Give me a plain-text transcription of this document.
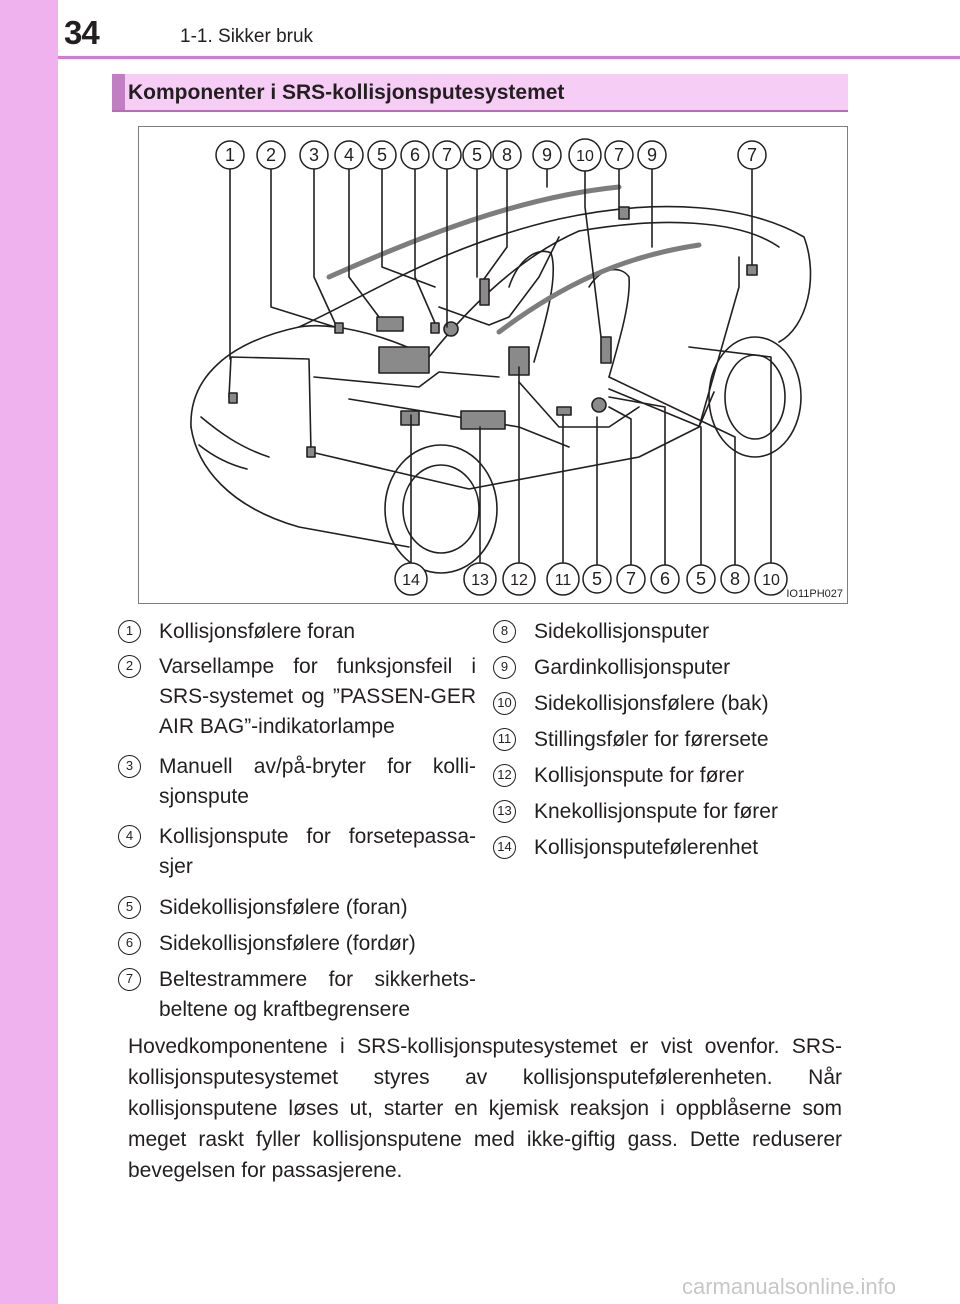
34	1-1. Sikker bruk
Komponenter i SRS-kollisjonsputesystemet
1 2 3 4 5 6 7 5 8 9 10 7 9	7
14	13 12 11 5 7 6 5 8 10
IO11PH027
1	Kollisjonsfølere foran
2	Varsellampe for funksjonsfeil i SRS-systemet og ”PASSEN-GER AIR BAG”-indikatorlampe
3	Manuell av/på-bryter for kolli-sjonspute
4	Kollisjonspute for forsetepassa-sjer
5	Sidekollisjonsfølere (foran)
6	Sidekollisjonsfølere (fordør)
7	Beltestrammere for sikkerhets-beltene og kraftbegrensere
8	Sidekollisjonsputer
9	Gardinkollisjonsputer
10 Sidekollisjonsfølere (bak)
11 Stillingsføler for førersete
12 Kollisjonspute for fører
13 Knekollisjonspute for fører
14 Kollisjonsputefølerenhet

Hovedkomponentene i SRS-kollisjonsputesystemet er vist ovenfor. SRS-kollisjonsputesystemet styres av kollisjonsputefølerenheten. Når kollisjonsputene løses ut, starter en kjemisk reaksjon i oppblåserne som meget raskt fyller kollisjonsputene med ikke-giftig gass. Dette reduserer bevegelsen for passasjerene.

carmanualsonline.info
